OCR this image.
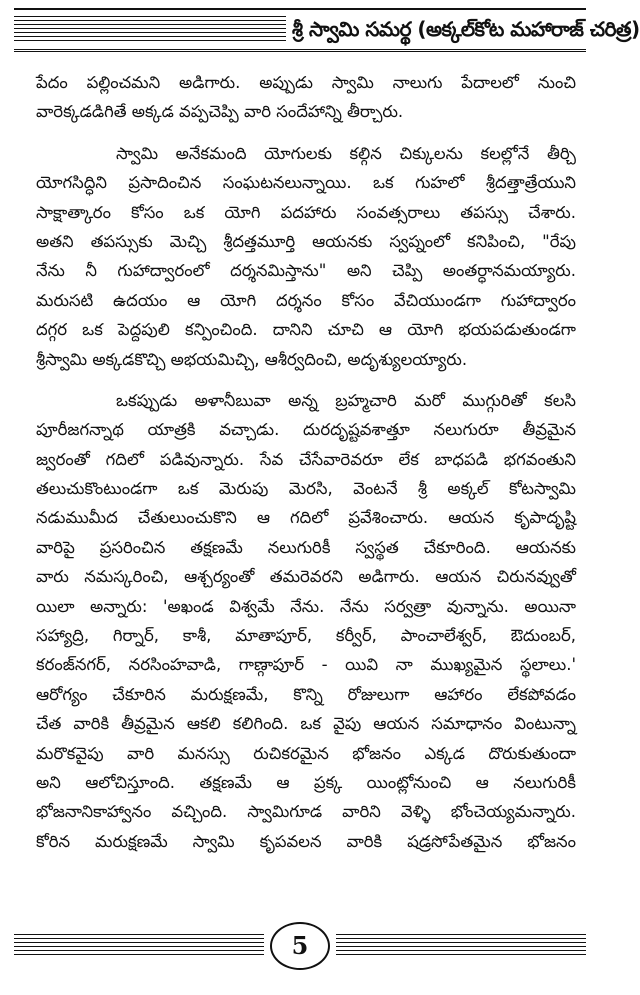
శ్రీ స్వామి సమర్థ (అక్కల్‌కోట మహారాజ్ చరిత్ర)
పేదం పల్లించమని అడిగారు. అప్పుడు స్వామి నాలుగు పేదాలలో నుంచి
వారెక్కడడిగితే అక్కడ వప్పచెప్పి వారి సందేహాన్ని తీర్చారు.
స్వామి అనేకమంది యోగులకు కల్గిన చిక్కులను కలల్లోనే తీర్చి
యోగసిద్ధిని ప్రసాదించిన సంఘటనలున్నాయి. ఒక గుహలో శ్రీదత్తాత్రేయుని
సాక్షాత్కారం కోసం ఒక యోగి పదహారు సంవత్సరాలు తపస్సు చేశారు.
అతని తపస్సుకు మెచ్చి శ్రీదత్తమూర్తి ఆయనకు స్వప్నంలో కనిపించి, "రేపు
నేను నీ గుహాద్వారంలో దర్శనమిస్తాను" అని చెప్పి అంతర్ధానమయ్యారు.
మరుసటి ఉదయం ఆ యోగి దర్శనం కోసం వేచియుండగా గుహాద్వారం
దగ్గర ఒక పెద్దపులి కన్పించింది. దానిని చూచి ఆ యోగి భయపడుతుండగా
శ్రీస్వామి అక్కడకొచ్చి అభయమిచ్చి, ఆశీర్వదించి, అదృశ్యులయ్యారు.
ఒకప్పుడు అళానీబువా అన్న బ్రహ్మచారి మరో ముగ్గురితో కలసి
పూరీజగన్నాథ యాత్రకి వచ్చాడు. దురదృష్టవశాత్తూ నలుగురూ తీవ్రమైన
జ్వరంతో గదిలో పడివున్నారు. సేవ చేసేవారెవరూ లేక బాధపడి భగవంతుని
తలుచుకొంటుండగా ఒక మెరుపు మెరసి, వెంటనే శ్రీ అక్కల్ కోటస్వామి
నడుముమీద చేతులుంచుకొని ఆ గదిలో ప్రవేశించారు. ఆయన కృపాదృష్టి
వారిపై ప్రసరించిన తక్షణమే నలుగురికీ స్వస్థత చేకూరింది. ఆయనకు
వారు నమస్కరించి, ఆశ్చర్యంతో తమరెవరని అడిగారు. ఆయన చిరునవ్వుతో
యిలా అన్నారు: 'అఖండ విశ్వమే నేను. నేను సర్వత్రా వున్నాను. అయినా
సహ్యాద్రి, గిర్నార్, కాశీ, మాతాపూర్, కర్వీర్, పాంచాలేశ్వర్, ఔదుంబర్,
కరంజ్‌నగర్, నరసింహవాడి, గాణ్గాపూర్ - యివి నా ముఖ్యమైన స్థలాలు.'
ఆరోగ్యం చేకూరిన మరుక్షణమే, కొన్ని రోజులుగా ఆహారం లేకపోవడం
చేత వారికి తీవ్రమైన ఆకలి కలిగింది. ఒక వైపు ఆయన సమాధానం వింటున్నా
మరొకవైపు వారి మనస్సు రుచికరమైన భోజనం ఎక్కడ దొరుకుతుందా
అని ఆలోచిస్తూంది. తక్షణమే ఆ ప్రక్క యింట్లోనుంచి ఆ నలుగురికీ
భోజనానికాహ్వానం వచ్చింది. స్వామిగూడ వారిని వెళ్ళి భోంచెయ్యమన్నారు.
కోరిన మరుక్షణమే స్వామి కృపవలన వారికి షడ్రసోపేతమైన భోజనం
5
